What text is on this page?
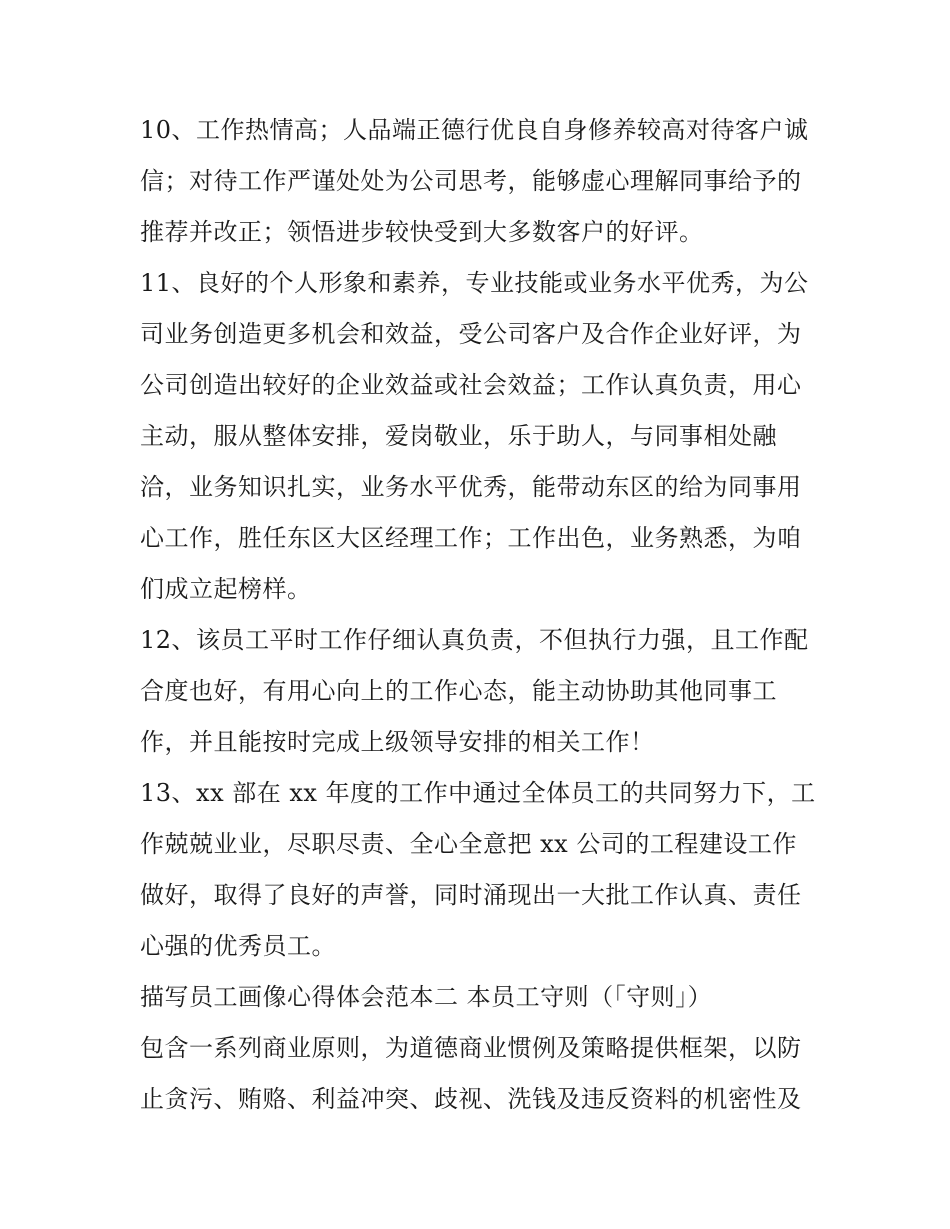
10、工作热情高；人品端正德行优良自身修养较高对待客户诚
信；对待工作严谨处处为公司思考，能够虚心理解同事给予的
推荐并改正；领悟进步较快受到大多数客户的好评。
11、良好的个人形象和素养，专业技能或业务水平优秀，为公
司业务创造更多机会和效益，受公司客户及合作企业好评，为
公司创造出较好的企业效益或社会效益；工作认真负责，用心
主动，服从整体安排，爱岗敬业，乐于助人，与同事相处融
洽，业务知识扎实，业务水平优秀，能带动东区的给为同事用
心工作，胜任东区大区经理工作；工作出色，业务熟悉，为咱
们成立起榜样。
12、该员工平时工作仔细认真负责，不但执行力强，且工作配
合度也好，有用心向上的工作心态，能主动协助其他同事工
作，并且能按时完成上级领导安排的相关工作！
13、xx 部在 xx 年度的工作中通过全体员工的共同努力下，工
作兢兢业业，尽职尽责、全心全意把 xx 公司的工程建设工作
做好，取得了良好的声誉，同时涌现出一大批工作认真、责任
心强的优秀员工。
描写员工画像心得体会范本二 本员工守则（「守则」）
包含一系列商业原则，为道德商业惯例及策略提供框架，以防
止贪污、贿赂、利益冲突、歧视、洗钱及违反资料的机密性及
